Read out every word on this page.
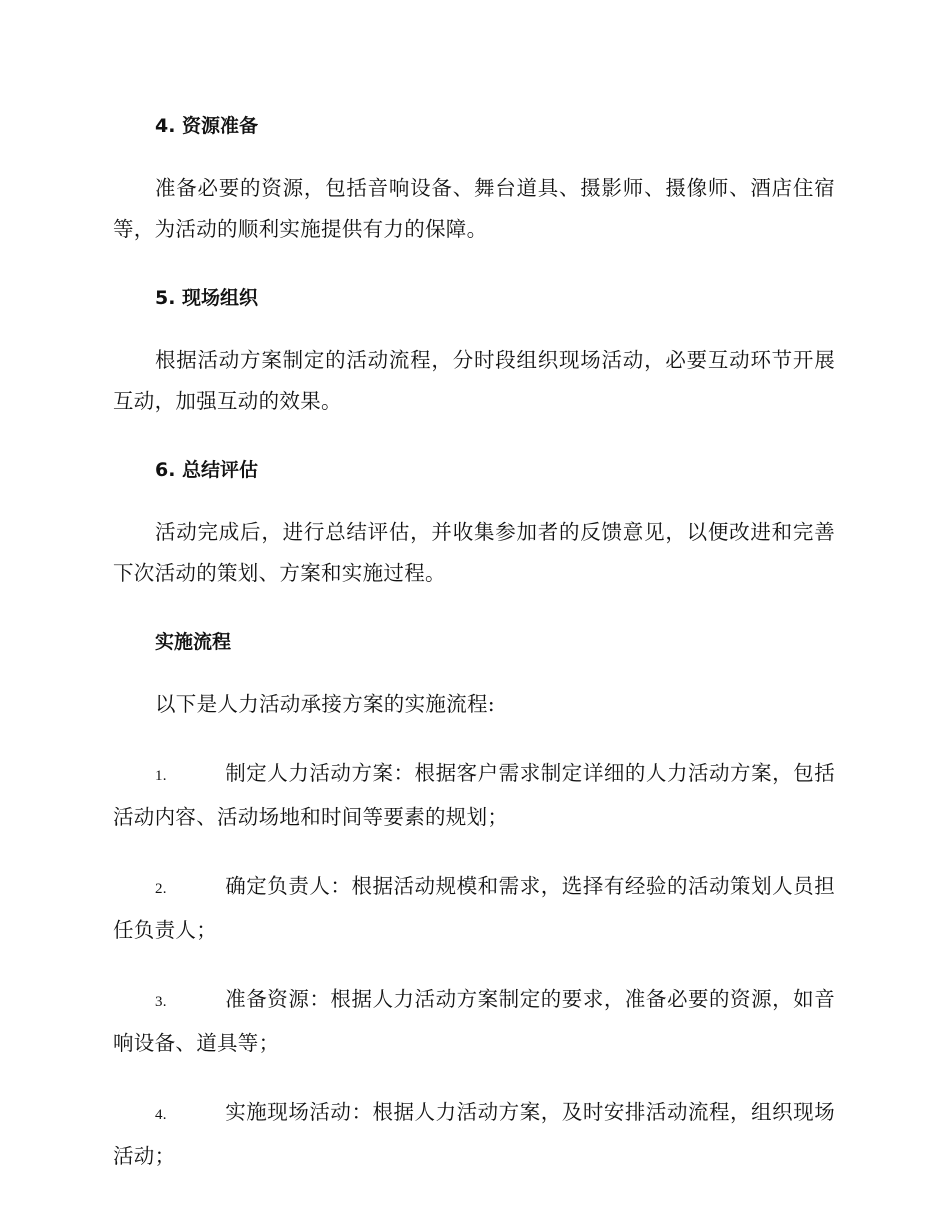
4. 资源准备

准备必要的资源，包括音响设备、舞台道具、摄影师、摄像师、酒店住宿等，为活动的顺利实施提供有力的保障。

5. 现场组织

根据活动方案制定的活动流程，分时段组织现场活动，必要互动环节开展互动，加强互动的效果。

6. 总结评估

活动完成后，进行总结评估，并收集参加者的反馈意见，以便改进和完善下次活动的策划、方案和实施过程。

实施流程

以下是人力活动承接方案的实施流程:

1.	制定人力活动方案：根据客户需求制定详细的人力活动方案，包括活动内容、活动场地和时间等要素的规划；

2.	确定负责人：根据活动规模和需求，选择有经验的活动策划人员担任负责人；

3.	准备资源：根据人力活动方案制定的要求，准备必要的资源，如音响设备、道具等；

4.	实施现场活动：根据人力活动方案，及时安排活动流程，组织现场活动；
